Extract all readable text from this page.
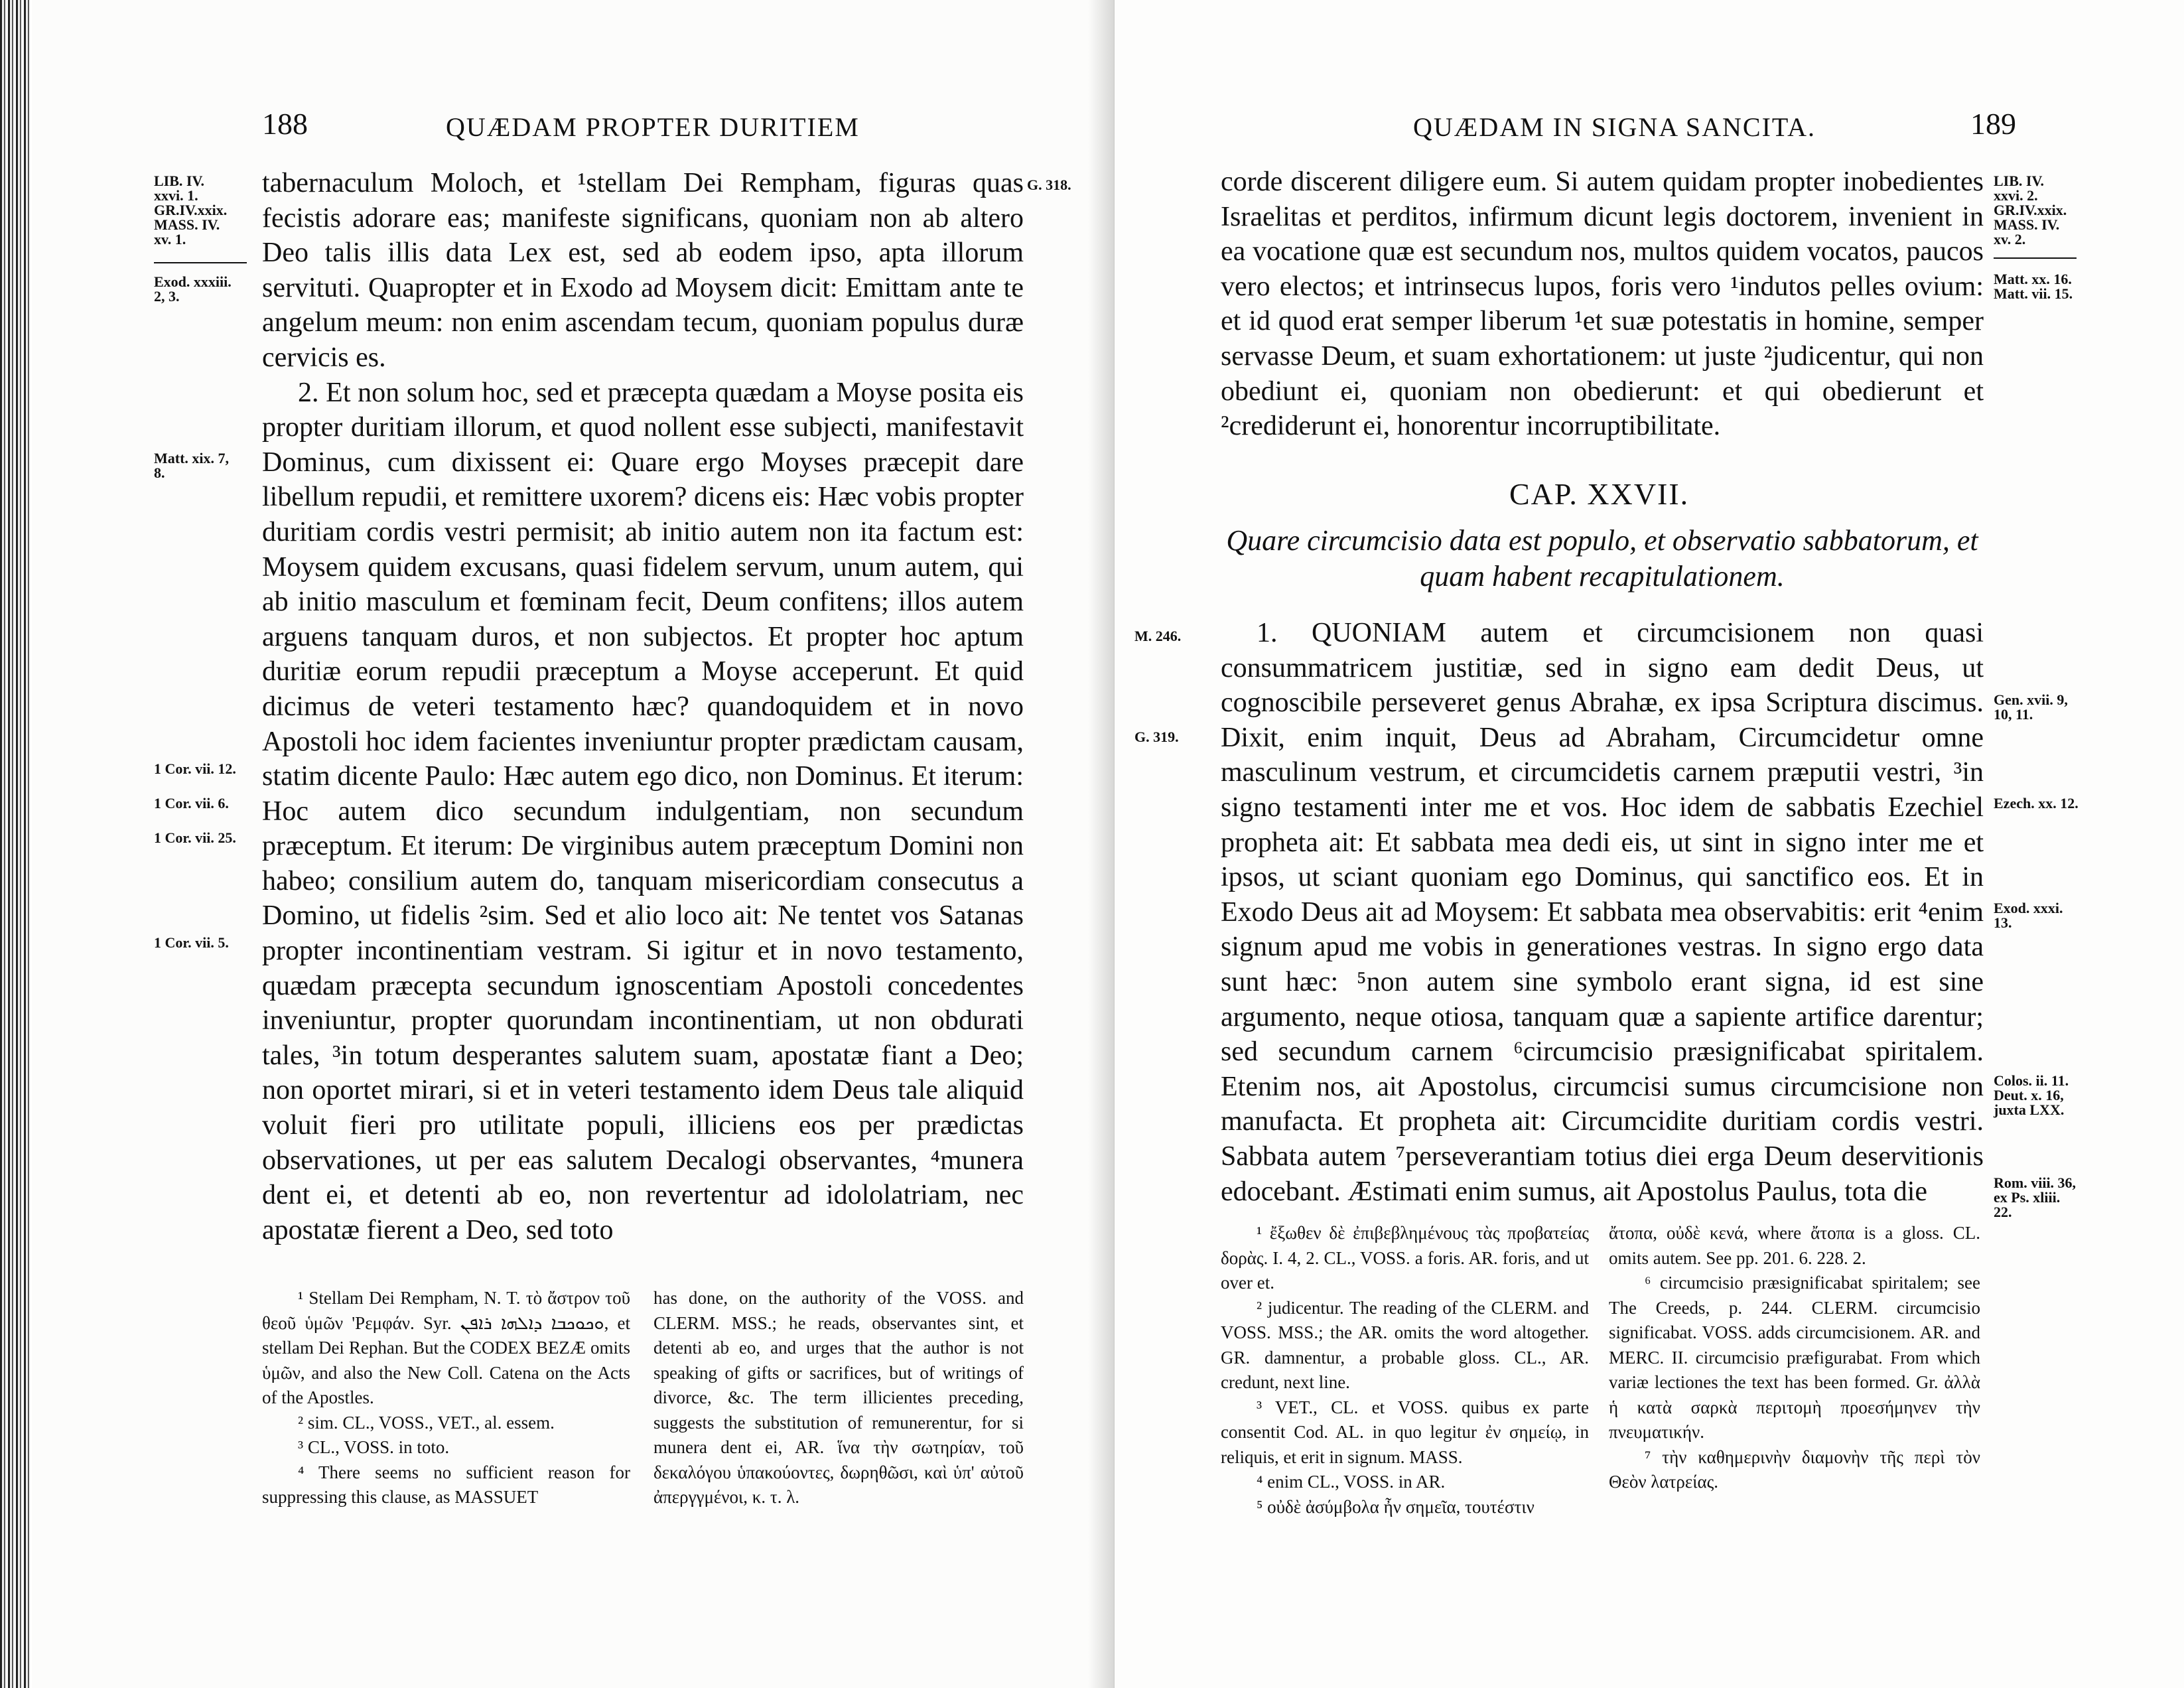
188	QUÆDAM PROPTER DURITIEM
LIB. IV.
xxvi. 1.
GR.IV.xxix.
MASS. IV.
xv. 1.
Exod. xxxiii.
2, 3.
Matt. xix. 7,
8.
1 Cor. vii. 12.
1 Cor. vii. 6.
1 Cor. vii. 25.
1 Cor. vii. 5.
G. 318.

tabernaculum Moloch, et ¹stellam Dei Rempham, figuras quas fecistis adorare eas; manifeste significans, quoniam non ab altero Deo talis illis data Lex est, sed ab eodem ipso, apta illorum servituti. Quapropter et in Exodo ad Moysem dicit: Emittam ante te angelum meum: non enim ascendam tecum, quoniam populus duræ cervicis es.

2. Et non solum hoc, sed et præcepta quædam a Moyse posita eis propter duritiam illorum, et quod nollent esse subjecti, manifestavit Dominus, cum dixissent ei: Quare ergo Moyses præcepit dare libellum repudii, et remittere uxorem? dicens eis: Hæc vobis propter duritiam cordis vestri permisit; ab initio autem non ita factum est: Moysem quidem excusans, quasi fidelem servum, unum autem, qui ab initio masculum et fœminam fecit, Deum confitens; illos autem arguens tanquam duros, et non subjectos. Et propter hoc aptum duritiæ eorum repudii præceptum a Moyse acceperunt. Et quid dicimus de veteri testamento hæc? quandoquidem et in novo Apostoli hoc idem facientes inveniuntur propter prædictam causam, statim dicente Paulo: Hæc autem ego dico, non Dominus. Et iterum: Hoc autem dico secundum indulgentiam, non secundum præceptum. Et iterum: De virginibus autem præceptum Domini non habeo; consilium autem do, tanquam misericordiam consecutus a Domino, ut fidelis ²sim. Sed et alio loco ait: Ne tentet vos Satanas propter incontinentiam vestram. Si igitur et in novo testamento, quædam præcepta secundum ignoscentiam Apostoli concedentes inveniuntur, propter quorundam incontinentiam, ut non obdurati tales, ³in totum desperantes salutem suam, apostatæ fiant a Deo; non oportet mirari, si et in veteri testamento idem Deus tale aliquid voluit fieri pro utilitate populi, illiciens eos per prædictas observationes, ut per eas salutem Decalogi observantes, ⁴munera dent ei, et detenti ab eo, non revertentur ad idololatriam, nec apostatæ fierent a Deo, sed toto

¹ Stellam Dei Rempham, N. T. τὸ ἄστρον τοῦ θεοῦ ὑμῶν 'Ρεμφάν. Syr. ܘܟܘܟܒܐ ܕܐܠܗܐ ܪܐܦܢ, et stellam Dei Rephan. But the CODEX BEZÆ omits ὑμῶν, and also the New Coll. Catena on the Acts of the Apostles.

² sim. CL., VOSS., VET., al. essem.

³ CL., VOSS. in toto.

⁴ There seems no sufficient reason for suppressing this clause, as MASSUET

has done, on the authority of the VOSS. and CLERM. MSS.; he reads, observantes sint, et detenti ab eo, and urges that the author is not speaking of gifts or sacrifices, but of writings of divorce, &c. The term illicientes preceding, suggests the substitution of remunerentur, for si munera dent ei, AR. ἵνα τὴν σωτηρίαν, τοῦ δεκαλόγου ὑπακούοντες, δωρηθῶσι, καὶ ὑπ' αὐτοῦ ἀπεργγμένοι, κ. τ. λ.

QUÆDAM IN SIGNA SANCITA.	189
M. 246.
G. 319.
LIB. IV.
xxvi. 2.
GR.IV.xxix.
MASS. IV.
xv. 2.
Matt. xx. 16.
Matt. vii. 15.
Gen. xvii. 9,
10, 11.
Ezech. xx. 12.
Exod. xxxi.
13.
Colos. ii. 11.
Deut. x. 16,
juxta LXX.
Rom. viii. 36,
ex Ps. xliii.
22.

corde discerent diligere eum. Si autem quidam propter inobedientes Israelitas et perditos, infirmum dicunt legis doctorem, invenient in ea vocatione quæ est secundum nos, multos quidem vocatos, paucos vero electos; et intrinsecus lupos, foris vero ¹indutos pelles ovium: et id quod erat semper liberum ¹et suæ potestatis in homine, semper servasse Deum, et suam exhortationem: ut juste ²judicentur, qui non obediunt ei, quoniam non obedierunt: et qui obedierunt et ²crediderunt ei, honorentur incorruptibilitate.

CAP. XXVII.
Quare circumcisio data est populo, et observatio sabbatorum, et quam habent recapitulationem.

1. QUONIAM autem et circumcisionem non quasi consummatricem justitiæ, sed in signo eam dedit Deus, ut cognoscibile perseveret genus Abrahæ, ex ipsa Scriptura discimus. Dixit, enim inquit, Deus ad Abraham, Circumcidetur omne masculinum vestrum, et circumcidetis carnem præputii vestri, ³in signo testamenti inter me et vos. Hoc idem de sabbatis Ezechiel propheta ait: Et sabbata mea dedi eis, ut sint in signo inter me et ipsos, ut sciant quoniam ego Dominus, qui sanctifico eos. Et in Exodo Deus ait ad Moysem: Et sabbata mea observabitis: erit ⁴enim signum apud me vobis in generationes vestras. In signo ergo data sunt hæc: ⁵non autem sine symbolo erant signa, id est sine argumento, neque otiosa, tanquam quæ a sapiente artifice darentur; sed secundum carnem ⁶circumcisio præsignificabat spiritalem. Etenim nos, ait Apostolus, circumcisi sumus circumcisione non manufacta. Et propheta ait: Circumcidite duritiam cordis vestri. Sabbata autem ⁷perseverantiam totius diei erga Deum deservitionis edocebant. Æstimati enim sumus, ait Apostolus Paulus, tota die

¹ ἔξωθεν δὲ ἐπιβεβλημένους τὰς προβατείας δορὰς. I. 4, 2. CL., VOSS. a foris. AR. foris, and ut over et.

² judicentur. The reading of the CLERM. and VOSS. MSS.; the AR. omits the word altogether. GR. damnentur, a probable gloss. CL., AR. credunt, next line.

³ VET., CL. et VOSS. quibus ex parte consentit Cod. AL. in quo legitur ἐν σημείῳ, in reliquis, et erit in signum. MASS.

⁴ enim CL., VOSS. in AR.

⁵ οὐδὲ ἀσύμβολα ἦν σημεῖα, τουτέστιν

ἄτοπα, οὐδὲ κενά, where ἄτοπα is a gloss. CL. omits autem. See pp. 201. 6. 228. 2.

⁶ circumcisio præsignificabat spiritalem; see The Creeds, p. 244. CLERM. circumcisio significabat. VOSS. adds circumcisionem. AR. and MERC. II. circumcisio præfigurabat. From which variæ lectiones the text has been formed. Gr. ἀλλὰ ἡ κατὰ σαρκὰ περιτομὴ προεσήμηνεν τὴν πνευματικήν.

⁷ τὴν καθημερινὴν διαμονὴν τῆς περὶ τὸν Θεὸν λατρείας.
